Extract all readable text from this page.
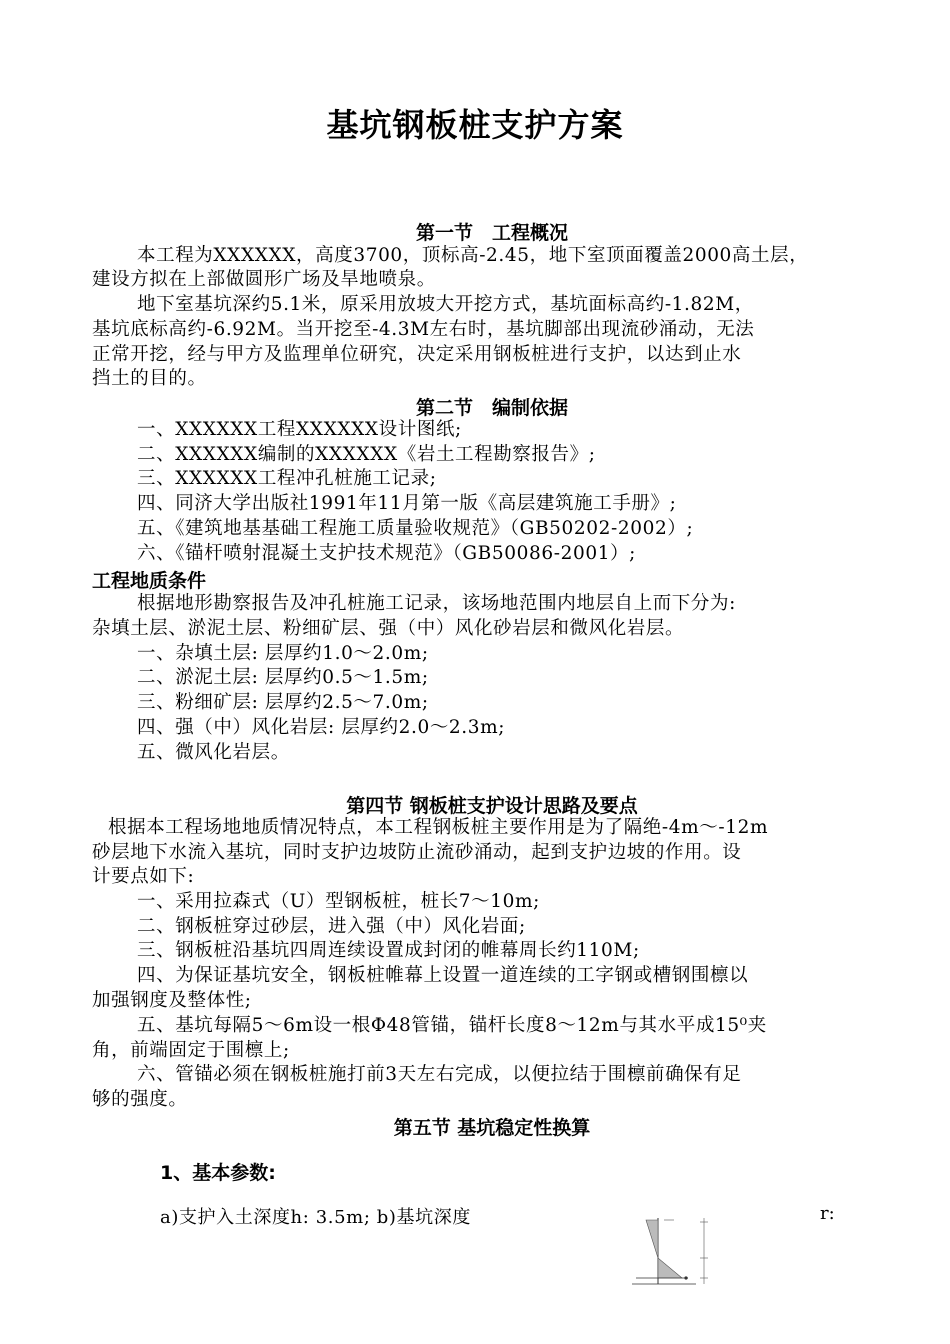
基坑钢板桩支护方案
第一节　工程概况
本工程为XXXXXX，高度3700，顶标高-2.45，地下室顶面覆盖2000高土层，
建设方拟在上部做圆形广场及旱地喷泉。
地下室基坑深约5.1米，原采用放坡大开挖方式，基坑面标高约-1.82M，
基坑底标高约-6.92M。当开挖至-4.3M左右时，基坑脚部出现流砂涌动，无法
正常开挖，经与甲方及监理单位研究，决定采用钢板桩进行支护，以达到止水
挡土的目的。
第二节　编制依据
一、XXXXXX工程XXXXXX设计图纸;
二、XXXXXX编制的XXXXXX《岩土工程勘察报告》;
三、XXXXXX工程冲孔桩施工记录;
四、同济大学出版社1991年11月第一版《高层建筑施工手册》;
五、《建筑地基基础工程施工质量验收规范》（GB50202-2002）;
六、《锚杆喷射混凝土支护技术规范》（GB50086-2001）;
工程地质条件
根据地形勘察报告及冲孔桩施工记录，该场地范围内地层自上而下分为:
杂填土层、淤泥土层、粉细矿层、强（中）风化砂岩层和微风化岩层。
一、杂填土层: 层厚约1.0～2.0m;
二、淤泥土层: 层厚约0.5～1.5m;
三、粉细矿层: 层厚约2.5～7.0m;
四、强（中）风化岩层: 层厚约2.0～2.3m;
五、微风化岩层。
第四节 钢板桩支护设计思路及要点
根据本工程场地地质情况特点，本工程钢板桩主要作用是为了隔绝-4m～-12m
砂层地下水流入基坑，同时支护边坡防止流砂涌动，起到支护边坡的作用。设
计要点如下:
一、采用拉森式（U）型钢板桩，桩长7～10m;
二、钢板桩穿过砂层，进入强（中）风化岩面;
三、钢板桩沿基坑四周连续设置成封闭的帷幕周长约110M;
四、为保证基坑安全，钢板桩帷幕上设置一道连续的工字钢或槽钢围檩以
加强钢度及整体性;
五、基坑每隔5～6m设一根Φ48管锚，锚杆长度8～12m与其水平成15⁰夹
角，前端固定于围檩上;
六、管锚必须在钢板桩施打前3天左右完成，以便拉结于围檩前确保有足
够的强度。
第五节 基坑稳定性换算
1、基本参数:
a)支护入土深度h: 3.5m; b)基坑深度	r:
